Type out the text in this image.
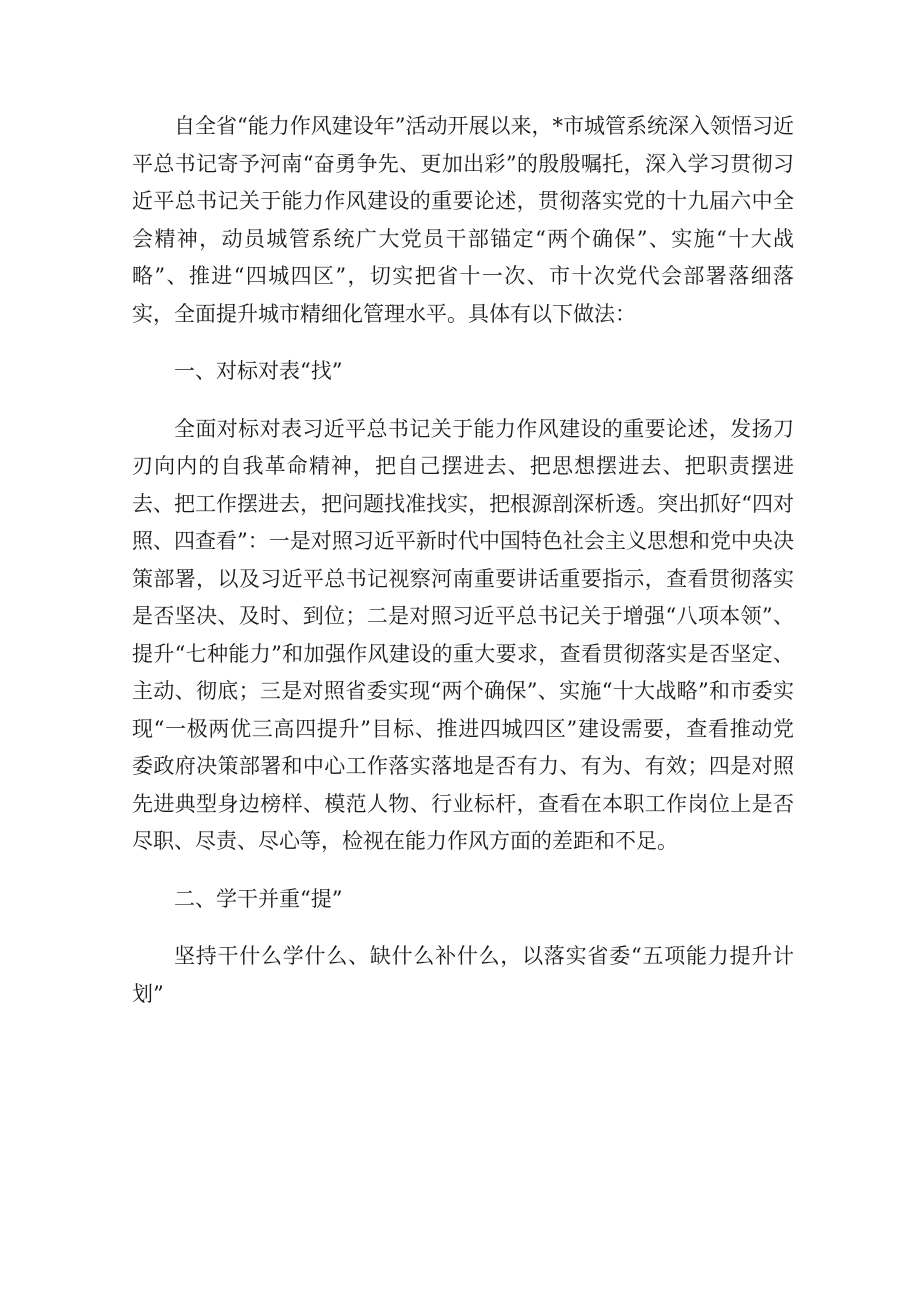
自全省“能力作风建设年”活动开展以来，*市城管系统深入领悟习近平总书记寄予河南“奋勇争先、更加出彩”的殷殷嘱托，深入学习贯彻习近平总书记关于能力作风建设的重要论述，贯彻落实党的十九届六中全会精神，动员城管系统广大党员干部锚定“两个确保”、实施“十大战略”、推进“四城四区”，切实把省十一次、市十次党代会部署落细落实，全面提升城市精细化管理水平。具体有以下做法：

一、对标对表“找”

全面对标对表习近平总书记关于能力作风建设的重要论述，发扬刀刃向内的自我革命精神，把自己摆进去、把思想摆进去、把职责摆进去、把工作摆进去，把问题找准找实，把根源剖深析透。突出抓好“四对照、四查看”：一是对照习近平新时代中国特色社会主义思想和党中央决策部署，以及习近平总书记视察河南重要讲话重要指示，查看贯彻落实是否坚决、及时、到位；二是对照习近平总书记关于增强“八项本领”、提升“七种能力”和加强作风建设的重大要求，查看贯彻落实是否坚定、主动、彻底；三是对照省委实现“两个确保”、实施“十大战略”和市委实现“一极两优三高四提升”目标、推进四城四区”建设需要，查看推动党委政府决策部署和中心工作落实落地是否有力、有为、有效；四是对照先进典型身边榜样、模范人物、行业标杆，查看在本职工作岗位上是否尽职、尽责、尽心等，检视在能力作风方面的差距和不足。

二、学干并重“提”

坚持干什么学什么、缺什么补什么，以落实省委“五项能力提升计划”
